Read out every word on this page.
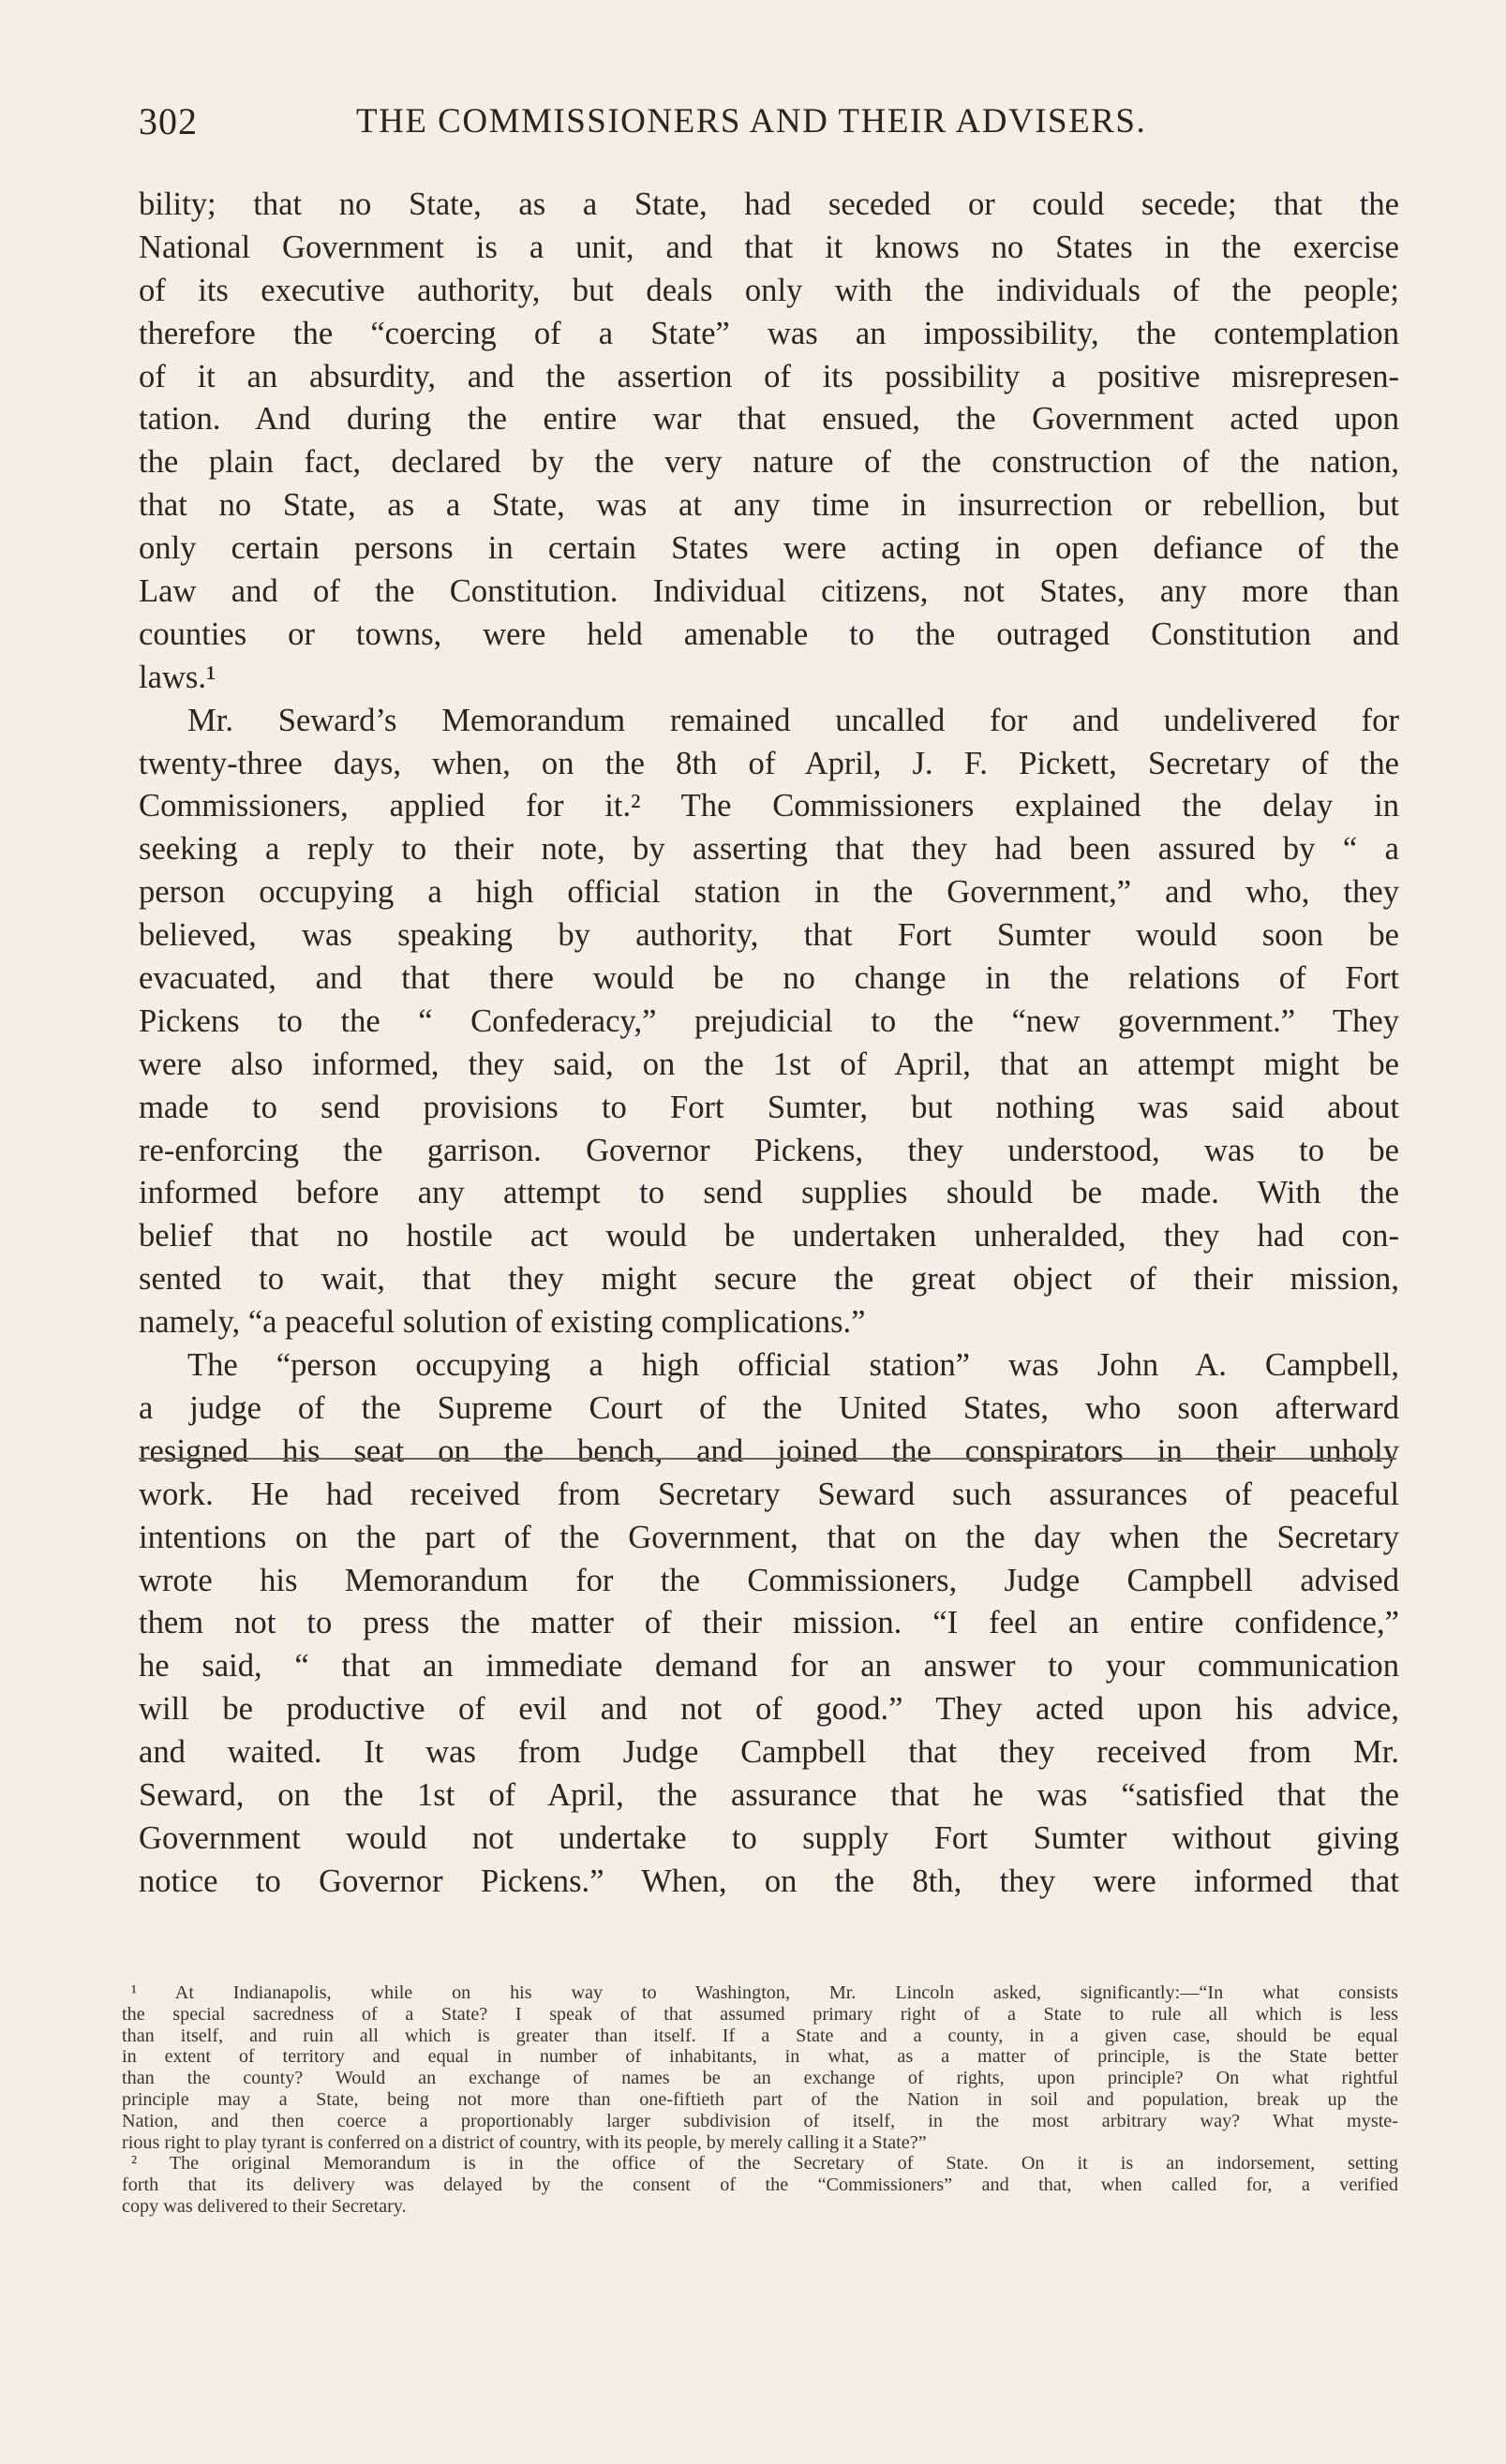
302	THE COMMISSIONERS AND THEIR ADVISERS.
bility; that no State, as a State, had seceded or could secede; that the
National Government is a unit, and that it knows no States in the exercise
of its executive authority, but deals only with the individuals of the people;
therefore the “coercing of a State” was an impossibility, the contemplation
of it an absurdity, and the assertion of its possibility a positive misrepresen-
tation. And during the entire war that ensued, the Government acted upon
the plain fact, declared by the very nature of the construction of the nation,
that no State, as a State, was at any time in insurrection or rebellion, but
only certain persons in certain States were acting in open defiance of the
Law and of the Constitution. Individual citizens, not States, any more than
counties or towns, were held amenable to the outraged Constitution and
laws.¹
Mr. Seward’s Memorandum remained uncalled for and undelivered for
twenty-three days, when, on the 8th of April, J. F. Pickett, Secretary of the
Commissioners, applied for it.² The Commissioners explained the delay in
seeking a reply to their note, by asserting that they had been assured by “ a
person occupying a high official station in the Government,” and who, they
believed, was speaking by authority, that Fort Sumter would soon be
evacuated, and that there would be no change in the relations of Fort
Pickens to the “ Confederacy,” prejudicial to the “new government.” They
were also informed, they said, on the 1st of April, that an attempt might be
made to send provisions to Fort Sumter, but nothing was said about
re-enforcing the garrison. Governor Pickens, they understood, was to be
informed before any attempt to send supplies should be made. With the
belief that no hostile act would be undertaken unheralded, they had con-
sented to wait, that they might secure the great object of their mission,
namely, “a peaceful solution of existing complications.”
The “person occupying a high official station” was John A. Campbell,
a judge of the Supreme Court of the United States, who soon afterward
resigned his seat on the bench, and joined the conspirators in their unholy
work. He had received from Secretary Seward such assurances of peaceful
intentions on the part of the Government, that on the day when the Secretary
wrote his Memorandum for the Commissioners, Judge Campbell advised
them not to press the matter of their mission. “I feel an entire confidence,”
he said, “ that an immediate demand for an answer to your communication
will be productive of evil and not of good.” They acted upon his advice,
and waited. It was from Judge Campbell that they received from Mr.
Seward, on the 1st of April, the assurance that he was “satisfied that the
Government would not undertake to supply Fort Sumter without giving
notice to Governor Pickens.” When, on the 8th, they were informed that
¹ At Indianapolis, while on his way to Washington, Mr. Lincoln asked, significantly:—“In what consists
the special sacredness of a State? I speak of that assumed primary right of a State to rule all which is less
than itself, and ruin all which is greater than itself. If a State and a county, in a given case, should be equal
in extent of territory and equal in number of inhabitants, in what, as a matter of principle, is the State better
than the county? Would an exchange of names be an exchange of rights, upon principle? On what rightful
principle may a State, being not more than one-fiftieth part of the Nation in soil and population, break up the
Nation, and then coerce a proportionably larger subdivision of itself, in the most arbitrary way? What myste-
rious right to play tyrant is conferred on a district of country, with its people, by merely calling it a State?”
² The original Memorandum is in the office of the Secretary of State. On it is an indorsement, setting
forth that its delivery was delayed by the consent of the “Commissioners” and that, when called for, a verified
copy was delivered to their Secretary.
